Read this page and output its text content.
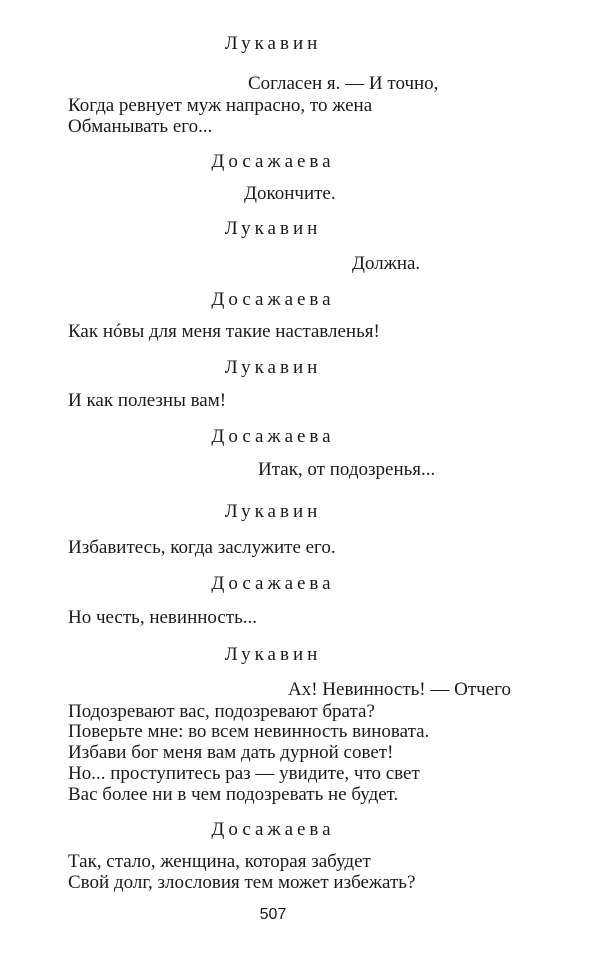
Лукавин
Согласен я. — И точно,
Когда ревнует муж напрасно, то жена
Обманывать его...
Досажаева
Докончите.
Лукавин
Должна.
Досажаева
Как нóвы для меня такие наставленья!
Лукавин
И как полезны вам!
Досажаева
Итак, от подозренья...
Лукавин
Избавитесь, когда заслужите его.
Досажаева
Но честь, невинность...
Лукавин
Ах! Невинность! — Отчего
Подозревают вас, подозревают брата?
Поверьте мне: во всем невинность виновата.
Избави бог меня вам дать дурной совет!
Но... проступитесь раз — увидите, что свет
Вас более ни в чем подозревать не будет.
Досажаева
Так, стало, женщина, которая забудет
Свой долг, злословия тем может избежать?
507
